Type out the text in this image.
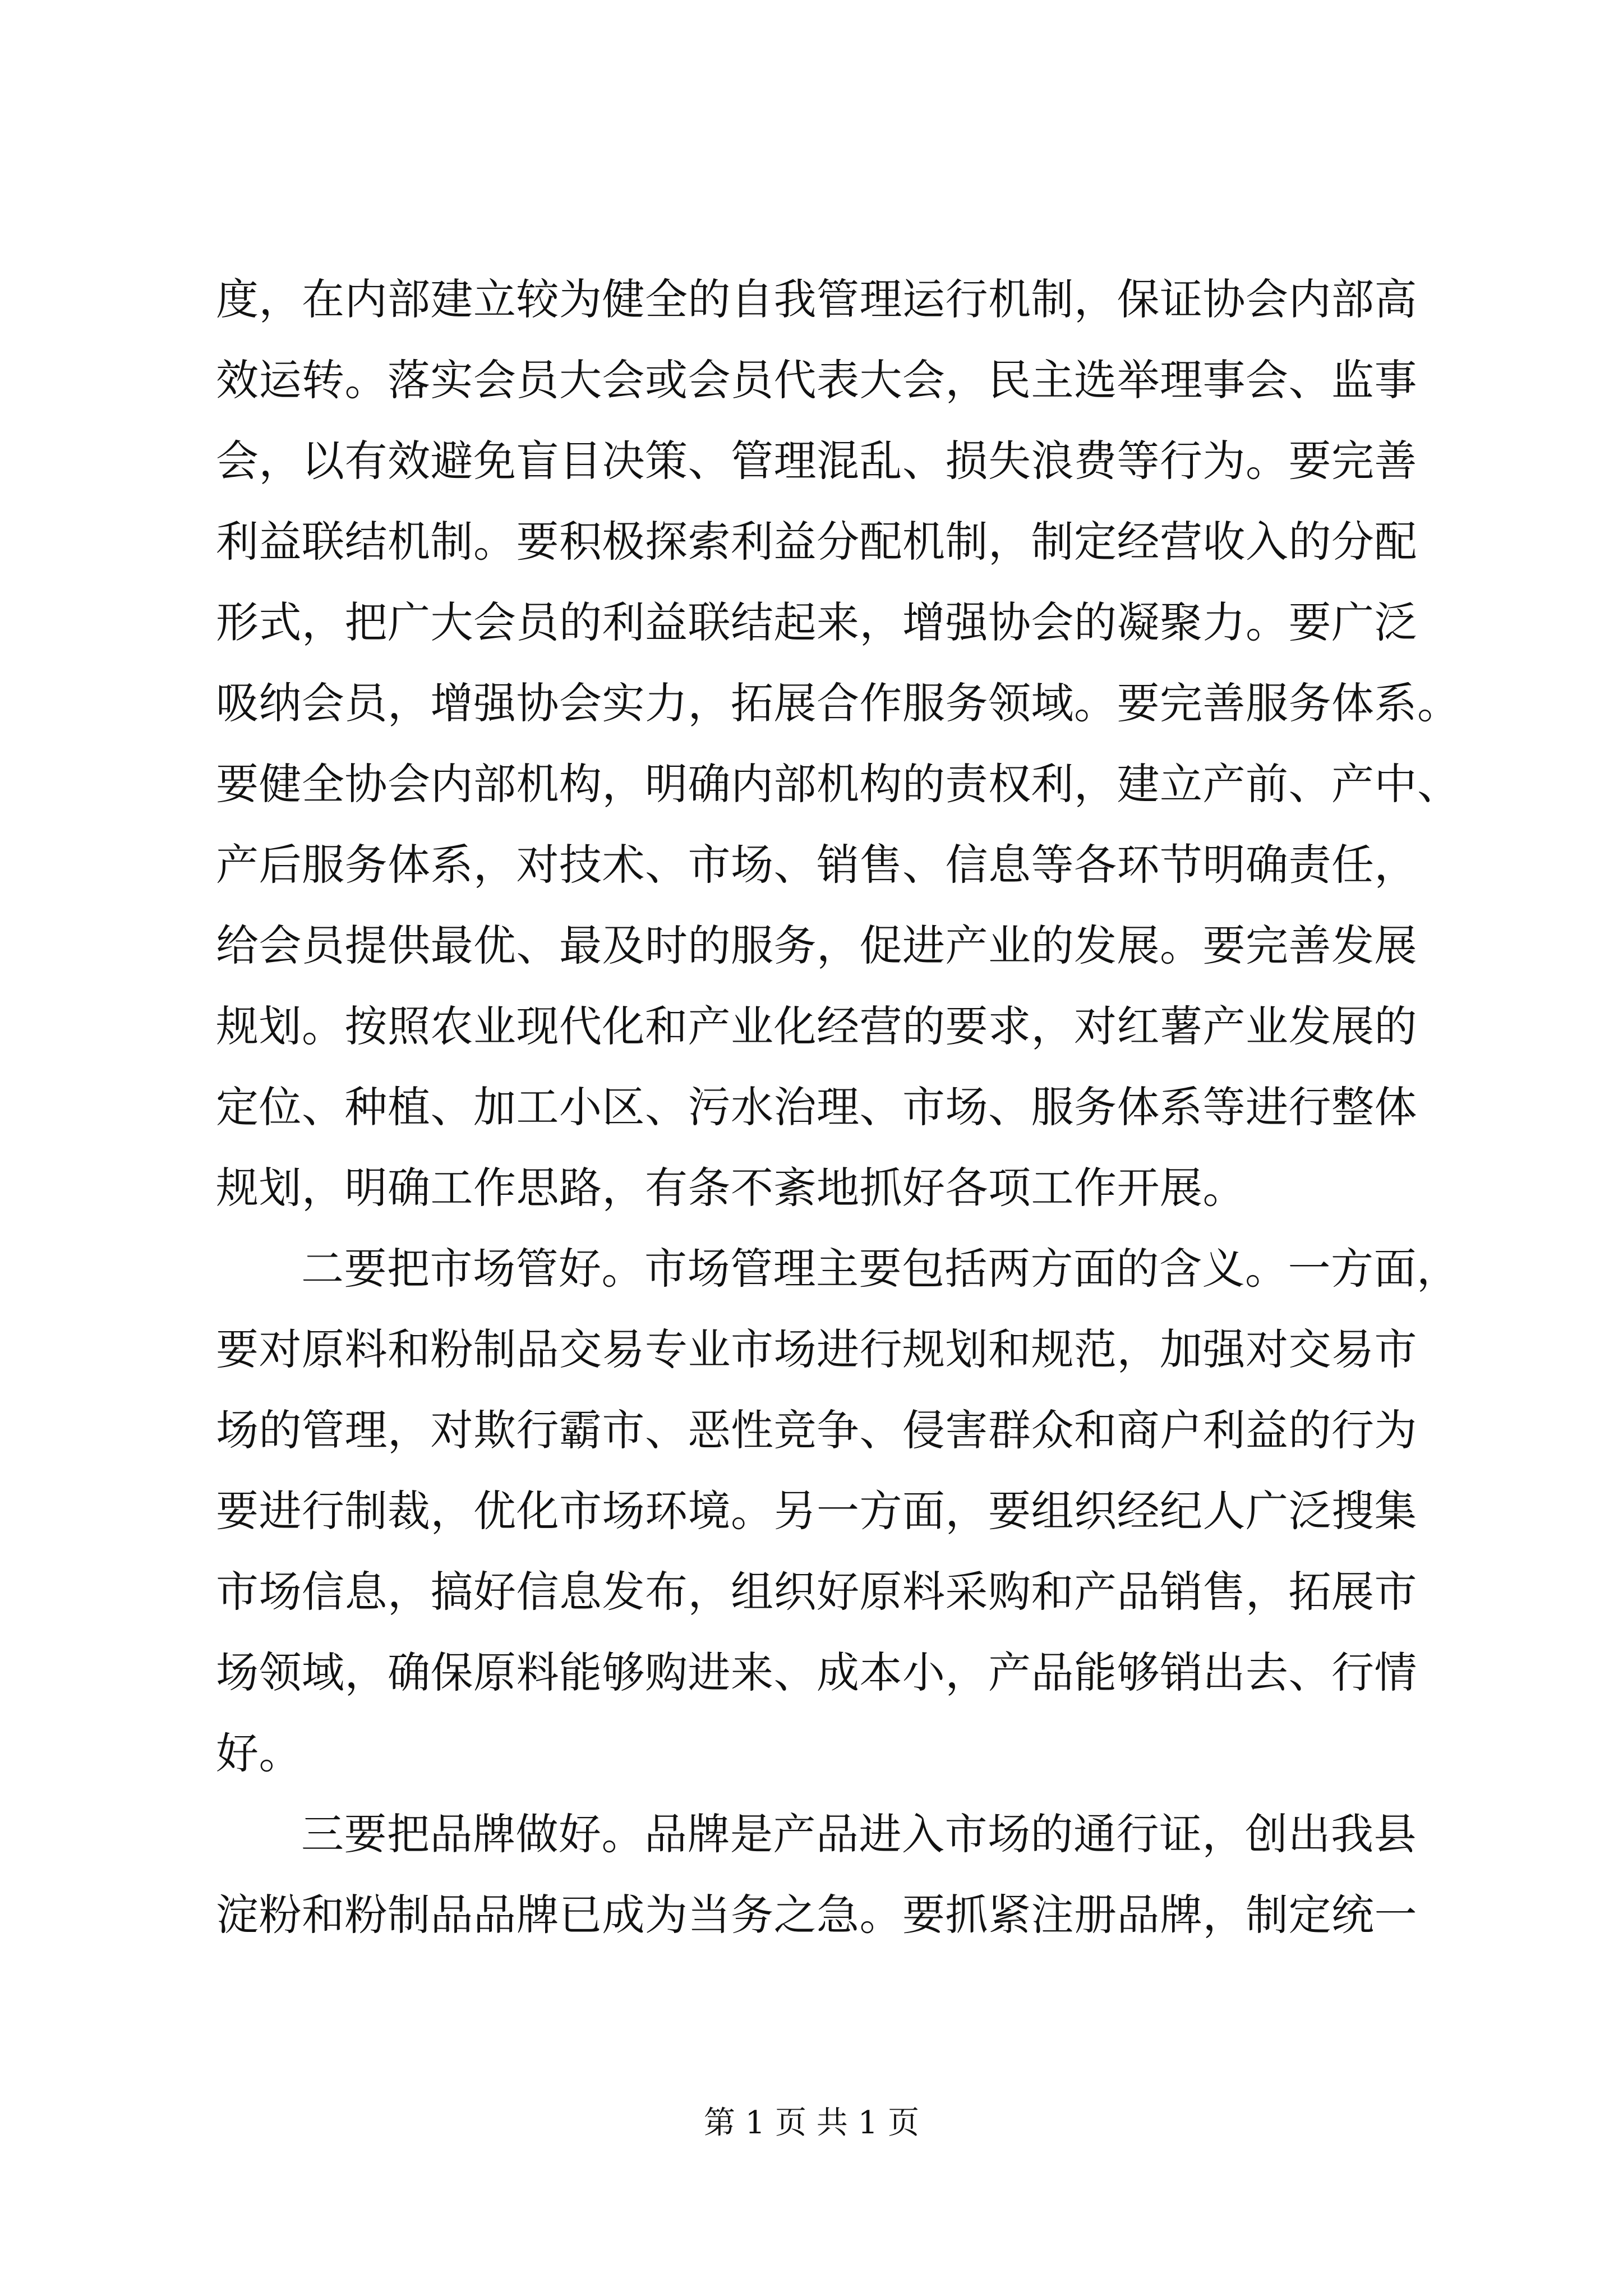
度，在内部建立较为健全的自我管理运行机制，保证协会内部高
效运转。落实会员大会或会员代表大会，民主选举理事会、监事
会，以有效避免盲目决策、管理混乱、损失浪费等行为。要完善
利益联结机制。要积极探索利益分配机制，制定经营收入的分配
形式，把广大会员的利益联结起来，增强协会的凝聚力。要广泛
吸纳会员，增强协会实力，拓展合作服务领域。要完善服务体系。
要健全协会内部机构，明确内部机构的责权利，建立产前、产中、
产后服务体系，对技术、市场、销售、信息等各环节明确责任，
给会员提供最优、最及时的服务，促进产业的发展。要完善发展
规划。按照农业现代化和产业化经营的要求，对红薯产业发展的
定位、种植、加工小区、污水治理、市场、服务体系等进行整体
规划，明确工作思路，有条不紊地抓好各项工作开展。
二要把市场管好。市场管理主要包括两方面的含义。一方面，
要对原料和粉制品交易专业市场进行规划和规范，加强对交易市
场的管理，对欺行霸市、恶性竞争、侵害群众和商户利益的行为
要进行制裁，优化市场环境。另一方面，要组织经纪人广泛搜集
市场信息，搞好信息发布，组织好原料采购和产品销售，拓展市
场领域，确保原料能够购进来、成本小，产品能够销出去、行情
好。
三要把品牌做好。品牌是产品进入市场的通行证，创出我县
淀粉和粉制品品牌已成为当务之急。要抓紧注册品牌，制定统一
第 1 页 共 1 页
